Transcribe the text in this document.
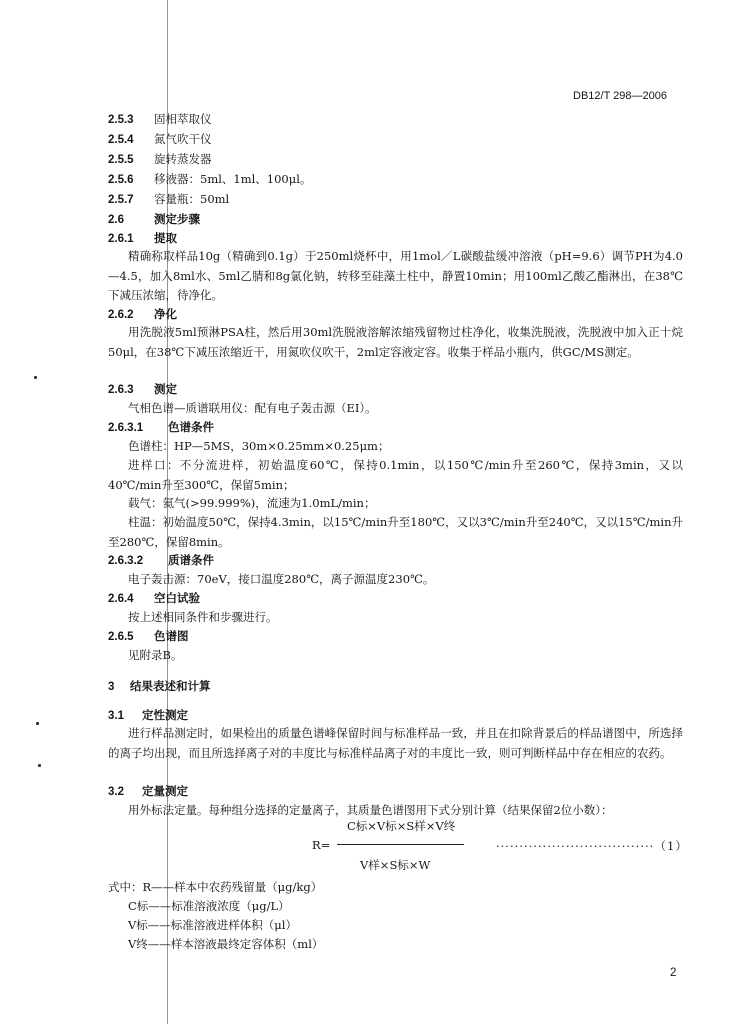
DB12/T 298—2006
2.5.3 固相萃取仪
2.5.4 氮气吹干仪
2.5.5 旋转蒸发器
2.5.6 移液器：5ml、1ml、100μl。
2.5.7 容量瓶：50ml
2.6	测定步骤
2.6.1 提取
精确称取样品10g（精确到0.1g）于250ml烧杯中，用1mol／L碳酸盐缓冲溶液（pH=9.6）调节PH为4.0—4.5，加入8ml水、5ml乙腈和8g氯化钠，转移至硅藻土柱中，静置10min；用100ml乙酸乙酯淋出，在38℃下减压浓缩，待净化。
2.6.2 净化
用洗脱液5ml预淋PSA柱，然后用30ml洗脱液溶解浓缩残留物过柱净化，收集洗脱液，洗脱液中加入正十烷50μl，在38℃下减压浓缩近干，用氮吹仪吹干，2ml定容液定容。收集于样品小瓶内，供GC/MS测定。
2.6.3 测定
气相色谱—质谱联用仪：配有电子轰击源（EI）。
2.6.3.1 色谱条件
色谱柱：HP—5MS，30m×0.25mm×0.25μm；
进样口：不分流进样，初始温度60℃，保持0.1min，以150℃/min升至260℃，保持3min，又以40℃/min升至300℃，保留5min；
载气：氦气(>99.999%)，流速为1.0mL/min；
柱温：初始温度50℃，保持4.3min，以15℃/min升至180℃，又以3℃/min升至240℃，又以15℃/min升至280℃，保留8min。
2.6.3.2 质谱条件
电子轰击源：70eV，接口温度280℃，离子源温度230℃。
2.6.4 空白试验
按上述相同条件和步骤进行。
2.6.5 色谱图
见附录B。
3 结果表述和计算
3.1 定性测定
进行样品测定时，如果检出的质量色谱峰保留时间与标准样品一致，并且在扣除背景后的样品谱图中，所选择的离子均出现，而且所选择离子对的丰度比与标准样品离子对的丰度比一致，则可判断样品中存在相应的农药。
3.2 定量测定
用外标法定量。每种组分选择的定量离子，其质量色谱图用下式分别计算（结果保留2位小数）：
C标×V标×S样×V终
R=	·································· （1）
V样×S标×W
式中：R——样本中农药残留量（μg/kg）
C标——标准溶液浓度（μg/L）
V标——标准溶液进样体积（μl）
V终——样本溶液最终定容体积（ml）
2
